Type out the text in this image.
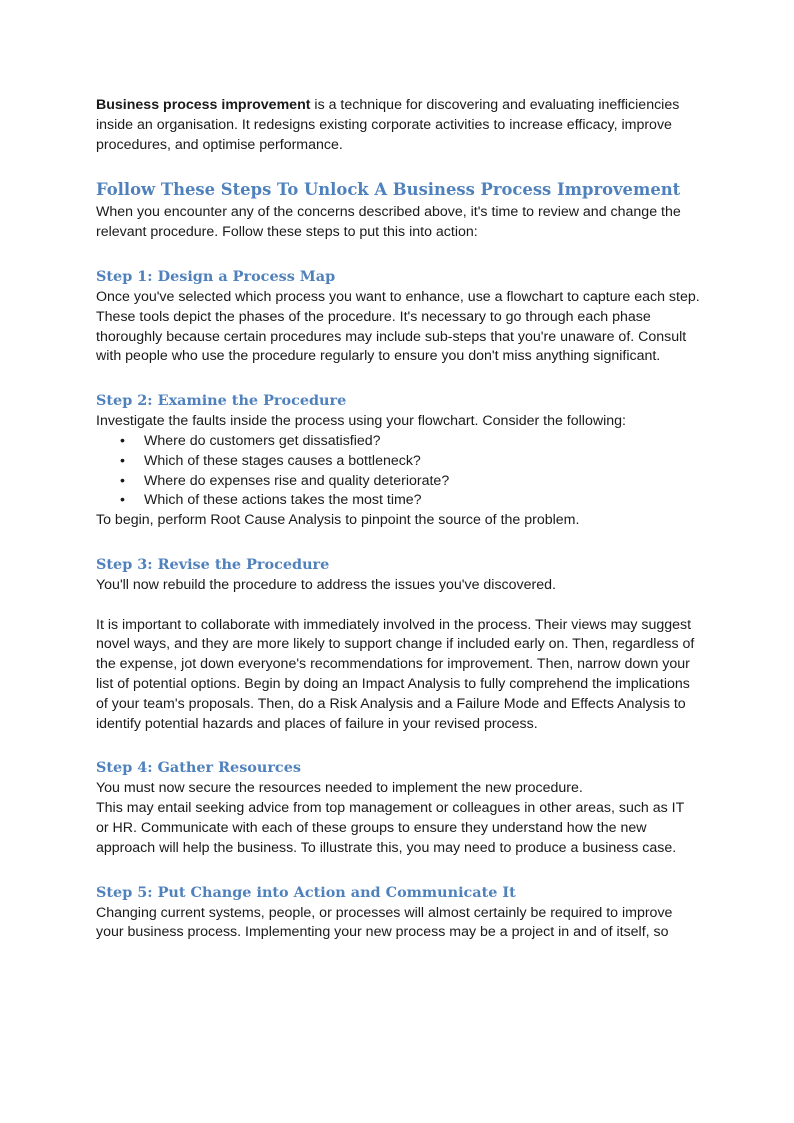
Business process improvement is a technique for discovering and evaluating inefficiencies inside an organisation. It redesigns existing corporate activities to increase efficacy, improve procedures, and optimise performance.

Follow These Steps To Unlock A Business Process Improvement

When you encounter any of the concerns described above, it's time to review and change the relevant procedure. Follow these steps to put this into action:

Step 1: Design a Process Map

Once you've selected which process you want to enhance, use a flowchart to capture each step. These tools depict the phases of the procedure. It's necessary to go through each phase thoroughly because certain procedures may include sub-steps that you're unaware of. Consult with people who use the procedure regularly to ensure you don't miss anything significant.

Step 2: Examine the Procedure

Investigate the faults inside the process using your flowchart. Consider the following:

• Where do customers get dissatisfied?
• Which of these stages causes a bottleneck?
• Where do expenses rise and quality deteriorate?
• Which of these actions takes the most time?

To begin, perform Root Cause Analysis to pinpoint the source of the problem.

Step 3: Revise the Procedure

You'll now rebuild the procedure to address the issues you've discovered.

It is important to collaborate with immediately involved in the process. Their views may suggest novel ways, and they are more likely to support change if included early on. Then, regardless of the expense, jot down everyone's recommendations for improvement. Then, narrow down your list of potential options. Begin by doing an Impact Analysis to fully comprehend the implications of your team's proposals. Then, do a Risk Analysis and a Failure Mode and Effects Analysis to identify potential hazards and places of failure in your revised process.

Step 4: Gather Resources

You must now secure the resources needed to implement the new procedure.

This may entail seeking advice from top management or colleagues in other areas, such as IT or HR. Communicate with each of these groups to ensure they understand how the new approach will help the business. To illustrate this, you may need to produce a business case.

Step 5: Put Change into Action and Communicate It

Changing current systems, people, or processes will almost certainly be required to improve your business process. Implementing your new process may be a project in and of itself, so
